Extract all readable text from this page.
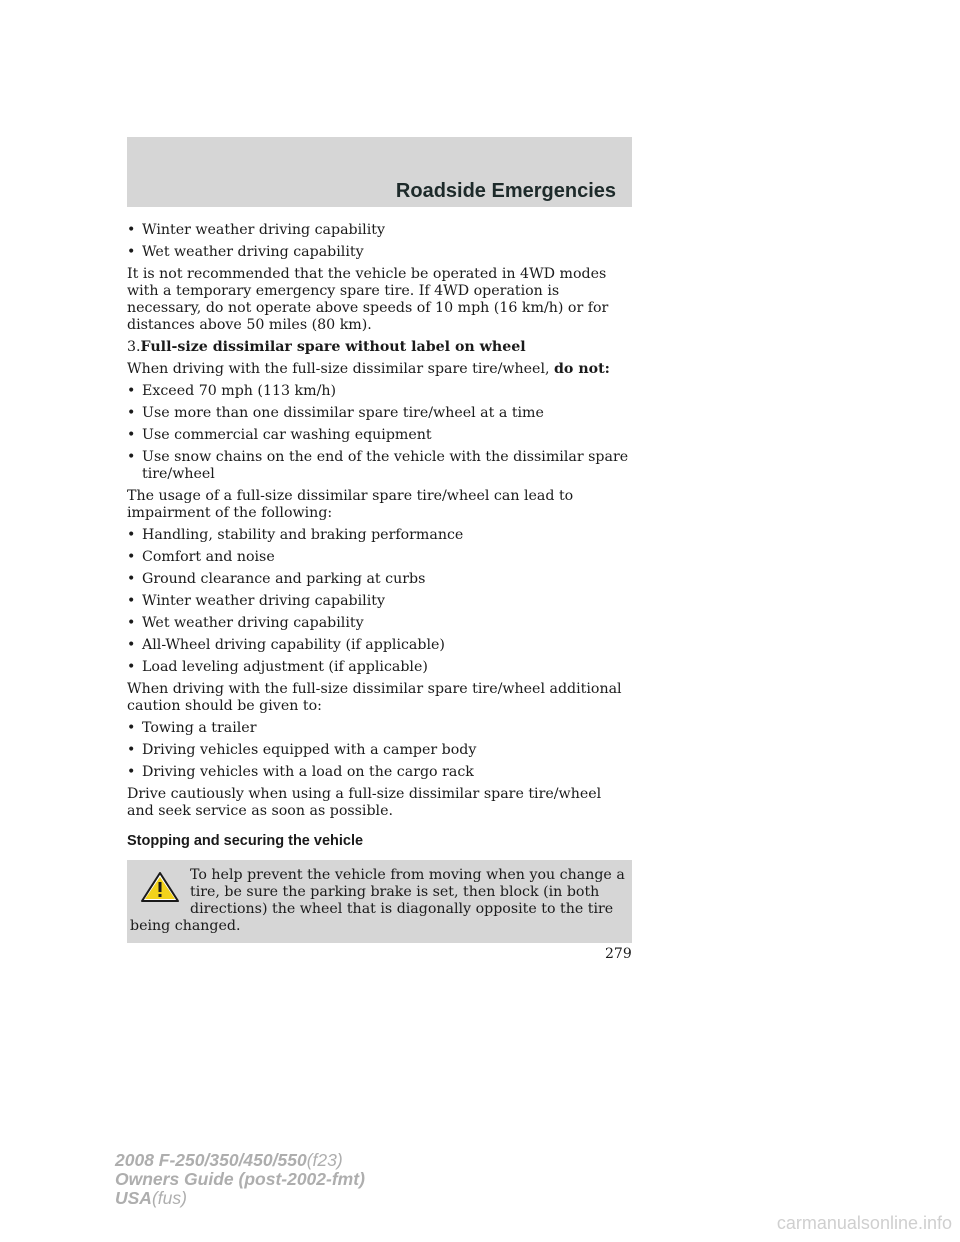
Roadside Emergencies
• Winter weather driving capability
• Wet weather driving capability

It is not recommended that the vehicle be operated in 4WD modes with a temporary emergency spare tire. If 4WD operation is necessary, do not operate above speeds of 10 mph (16 km/h) or for distances above 50 miles (80 km).

3.Full-size dissimilar spare without label on wheel

When driving with the full-size dissimilar spare tire/wheel, do not:

• Exceed 70 mph (113 km/h)
• Use more than one dissimilar spare tire/wheel at a time
• Use commercial car washing equipment
• Use snow chains on the end of the vehicle with the dissimilar spare tire/wheel

The usage of a full-size dissimilar spare tire/wheel can lead to impairment of the following:

• Handling, stability and braking performance
• Comfort and noise
• Ground clearance and parking at curbs
• Winter weather driving capability
• Wet weather driving capability
• All-Wheel driving capability (if applicable)
• Load leveling adjustment (if applicable)

When driving with the full-size dissimilar spare tire/wheel additional caution should be given to:

• Towing a trailer
• Driving vehicles equipped with a camper body
• Driving vehicles with a load on the cargo rack

Drive cautiously when using a full-size dissimilar spare tire/wheel and seek service as soon as possible.

Stopping and securing the vehicle
To help prevent the vehicle from moving when you change a tire, be sure the parking brake is set, then block (in both directions) the wheel that is diagonally opposite to the tire being changed.
279
2008 F-250/350/450/550(f23)
Owners Guide (post-2002-fmt)
USA(fus)
carmanualsonline.info
